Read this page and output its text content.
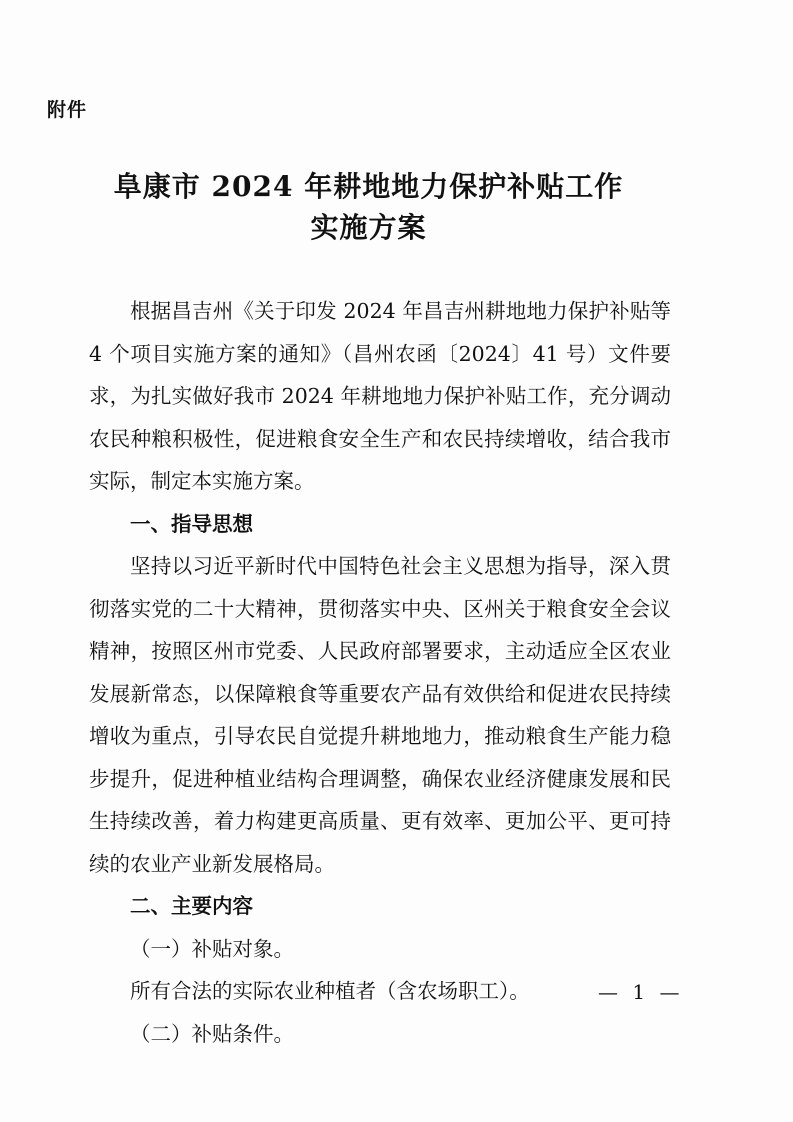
附件
阜康市 2024 年耕地地力保护补贴工作
实施方案

根据昌吉州《关于印发 2024 年昌吉州耕地地力保护补贴等 4 个项目实施方案的通知》（昌州农函〔2024〕41 号）文件要求，为扎实做好我市 2024 年耕地地力保护补贴工作，充分调动农民种粮积极性，促进粮食安全生产和农民持续增收，结合我市实际，制定本实施方案。

一、指导思想

坚持以习近平新时代中国特色社会主义思想为指导，深入贯彻落实党的二十大精神，贯彻落实中央、区州关于粮食安全会议精神，按照区州市党委、人民政府部署要求，主动适应全区农业发展新常态，以保障粮食等重要农产品有效供给和促进农民持续增收为重点，引导农民自觉提升耕地地力，推动粮食生产能力稳步提升，促进种植业结构合理调整，确保农业经济健康发展和民生持续改善，着力构建更高质量、更有效率、更加公平、更可持续的农业产业新发展格局。

二、主要内容

（一）补贴对象。

所有合法的实际农业种植者（含农场职工）。

（二）补贴条件。

— 1 —
